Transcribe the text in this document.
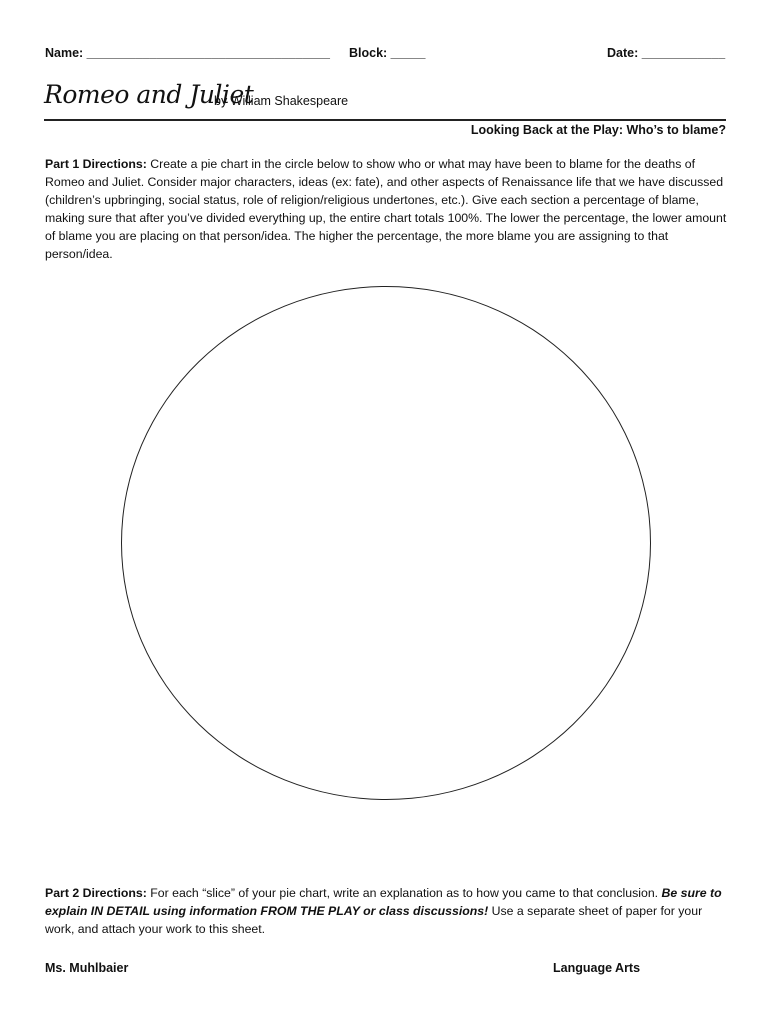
Name: ___________________________________ Block: _____	Date: ____________
Romeo and Juliet
by William Shakespeare
Looking Back at the Play: Who’s to blame?
Part 1 Directions: Create a pie chart in the circle below to show who or what may have been to blame for the deaths of Romeo and Juliet. Consider major characters, ideas (ex: fate), and other aspects of Renaissance life that we have discussed (children’s upbringing, social status, role of religion/religious undertones, etc.). Give each section a percentage of blame, making sure that after you’ve divided everything up, the entire chart totals 100%. The lower the percentage, the lower amount of blame you are placing on that person/idea. The higher the percentage, the more blame you are assigning to that person/idea.
Part 2 Directions: For each “slice” of your pie chart, write an explanation as to how you came to that conclusion. Be sure to explain IN DETAIL using information FROM THE PLAY or class discussions! Use a separate sheet of paper for your work, and attach your work to this sheet.
Ms. Muhlbaier	Language Arts
